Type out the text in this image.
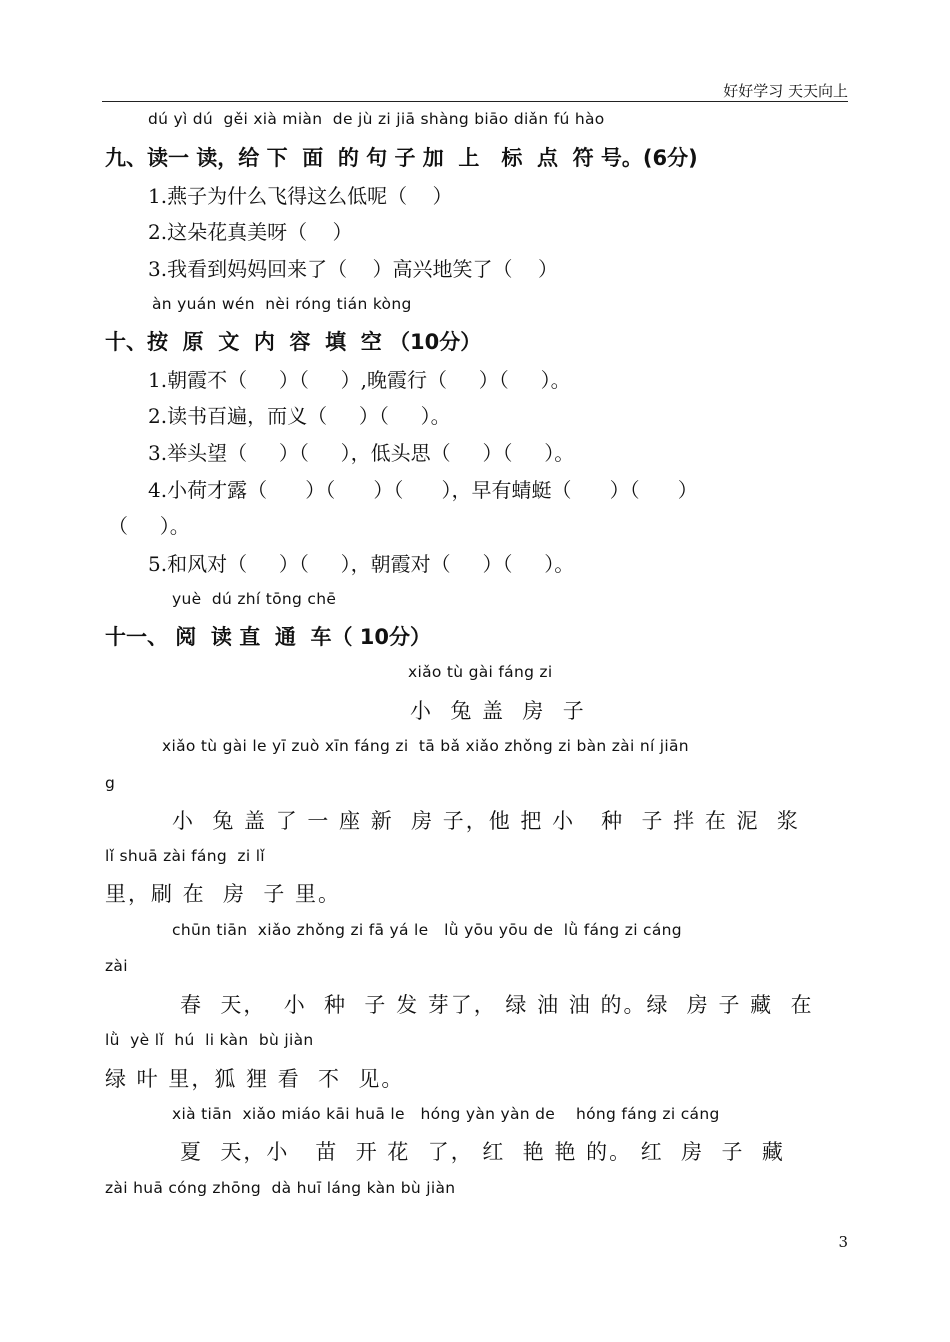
好好学习 天天向上
dú yì dú  gěi xià miàn  de jù zi jiā shàng biāo diǎn fú hào
九、读一 读，给 下  面  的 句 子 加  上   标  点  符 号。(6分)
1.燕子为什么飞得这么低呢（    ）
2.这朵花真美呀（    ）
3.我看到妈妈回来了（    ）高兴地笑了（    ）
àn yuán wén  nèi róng tián kòng
十、按  原  文  内  容  填  空 （10分）
1.朝霞不（     ）（     ）,晚霞行（     ）（     ）。
2.读书百遍，而义（     ）（     ）。
3.举头望（     ）（     ），低头思（     ）（     ）。
4.小荷才露（      ）（      ）（      ），早有蜻蜓（      ）（      ）
（     ）。
5.和风对（     ）（     ），朝霞对（     ）（     ）。
yuè  dú zhí tōng chē
十一、 阅  读 直  通  车（ 10分）
xiǎo tù gài fáng zi
小  兔 盖  房  子
xiǎo tù gài le yī zuò xīn fáng zi  tā bǎ xiǎo zhǒng zi bàn zài ní jiān
g
小  兔 盖 了 一 座 新  房 子，他 把 小   种  子 拌 在 泥  浆
lǐ shuā zài fáng  zi lǐ
里，刷 在  房  子 里。
chūn tiān  xiǎo zhǒng zi fā yá le   lǜ yōu yōu de  lǜ fáng zi cáng
zài
春  天，  小  种  子 发 芽了， 绿 油 油 的。绿  房 子 藏  在
lǜ  yè lǐ  hú  li kàn  bù jiàn
绿 叶 里，狐 狸 看  不  见。
xià tiān  xiǎo miáo kāi huā le   hóng yàn yàn de    hóng fáng zi cáng
夏  天，小   苗  开 花  了， 红  艳 艳 的。 红  房  子  藏
zài huā cóng zhōng  dà huī láng kàn bù jiàn
3
